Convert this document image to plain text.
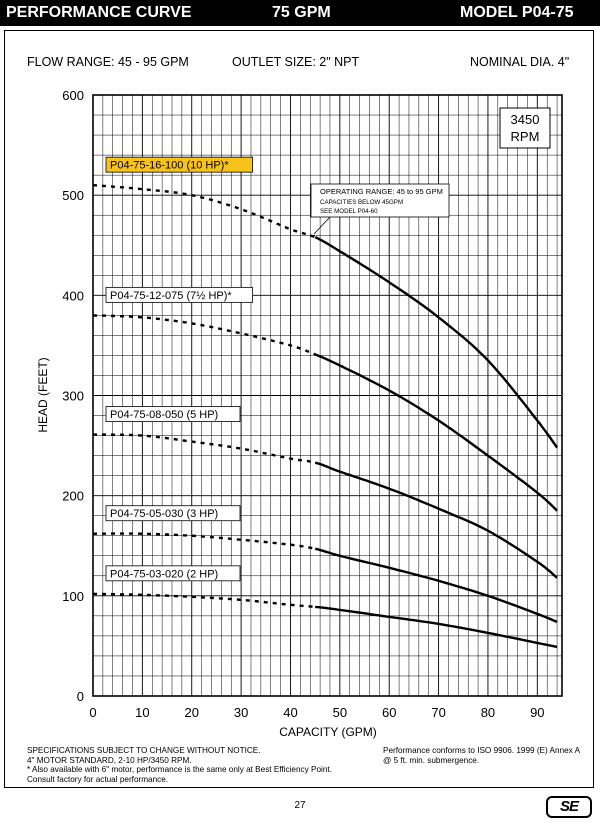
PERFORMANCE CURVE	75 GPM	MODEL P04-75
FLOW RANGE: 45 - 95 GPM	OUTLET SIZE: 2" NPT	NOMINAL DIA. 4"
0	10	20	30	40	50	60	70	80	90
0
100
200
300
400
500
600
P04-75-16-100 (10 HP)*
P04-75-12-075 (7½ HP)*
P04-75-08-050 (5 HP)
P04-75-05-030 (3 HP)
P04-75-03-020 (2 HP)
CAPACITY (GPM)
HEAD (FEET)
3450
RPM
OPERATING RANGE: 45 to 95 GPM
CAPACITIES BELOW 45GPM
SEE MODEL P04-60
SPECIFICATIONS SUBJECT TO CHANGE WITHOUT NOTICE.
4" MOTOR STANDARD, 2-10 HP/3450 RPM.
* Also available with 6" motor, performance is the same only at Best Efficiency Point.
Consult factory for actual performance.
Performance conforms to ISO 9906. 1999 (E) Annex A
@ 5 ft. min. submergence.
27	SE
